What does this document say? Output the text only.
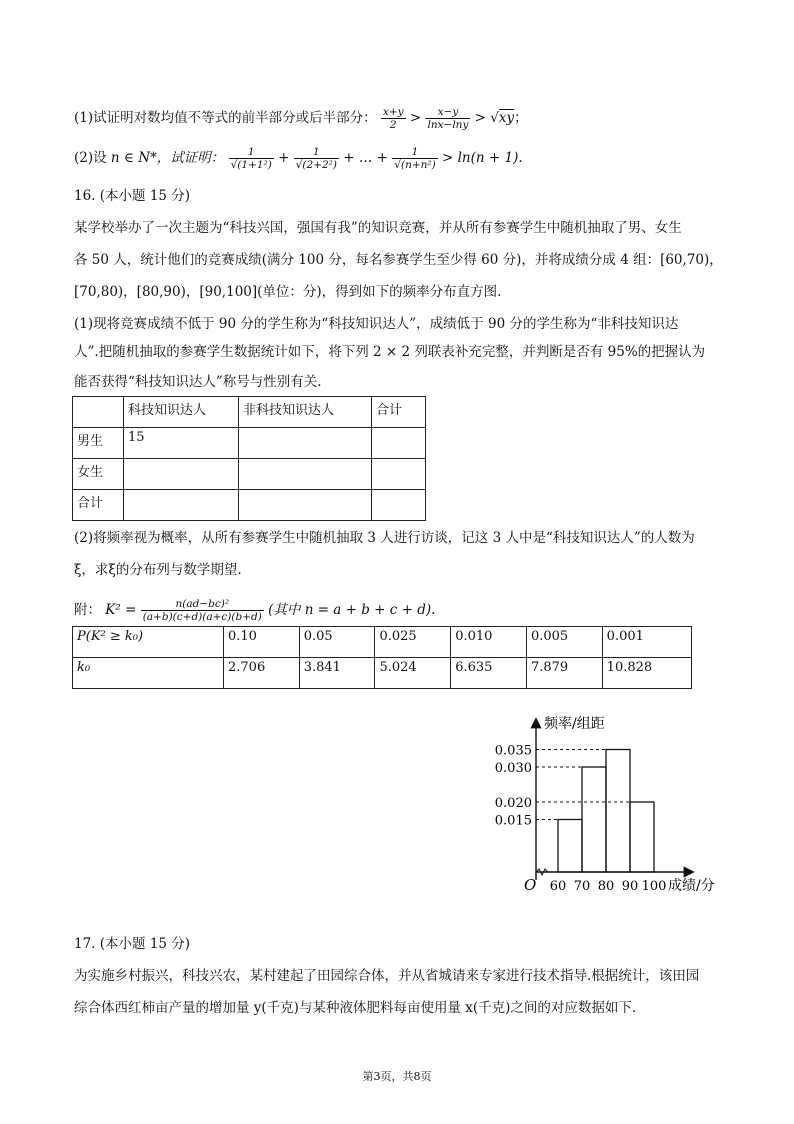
(1)试证明对数均值不等式的前半部分或后半部分： $\frac{x+y}{2} > \frac{x-y}{\ln x-\ln y} > √xy$；
(2)设 n ∈ N*，试证明： $\frac{1}{\text{√(1+1²)}} + \frac{1}{\text{√(2+2²)}}$ + … + $\frac{1}{\text{√(n+n²)}} > \ln(n + 1)$.
16. (本小题 15 分)
某学校举办了一次主题为“科技兴国，强国有我”的知识竞赛，并从所有参赛学生中随机抽取了男、女生
各 50 人，统计他们的竞赛成绩(满分 100 分，每名参赛学生至少得 60 分)，并将成绩分成 4 组：[60,70)，
[70,80)，[80,90)，[90,100](单位：分)，得到如下的频率分布直方图.
(1)现将竞赛成绩不低于 90 分的学生称为“科技知识达人”，成绩低于 90 分的学生称为“非科技知识达
人”.把随机抽取的参赛学生数据统计如下，将下列 2 × 2 列联表补充完整，并判断是否有 95%的把握认为
能否获得“科技知识达人”称号与性别有关.
	科技知识达人	非科技知识达人	合计
男生	15		
女生			
合计			
(2)将频率视为概率，从所有参赛学生中随机抽取 3 人进行访谈，记这 3 人中是“科技知识达人”的人数为
ξ，求ξ的分布列与数学期望.
附： $K^2 = \frac{\text{n(ad−bc)²}}{(a+b)(c+d)(a+c)(b+d)}$ (其中 n = a + b + c + d).
P(K² ≥ k₀)	0.10	0.05	0.025	0.010	0.005	0.001
k₀	2.706	3.841	5.024	6.635	7.879	10.828
0.035
0.030
0.020
0.015
60 70 80 90 100
频率/组距
成绩/分
O
17. (本小题 15 分)
为实施乡村振兴，科技兴农，某村建起了田园综合体，并从省城请来专家进行技术指导.根据统计，该田园
综合体西红柿亩产量的增加量 y(千克)与某种液体肥料每亩使用量 x(千克)之间的对应数据如下.
第3页，共8页
